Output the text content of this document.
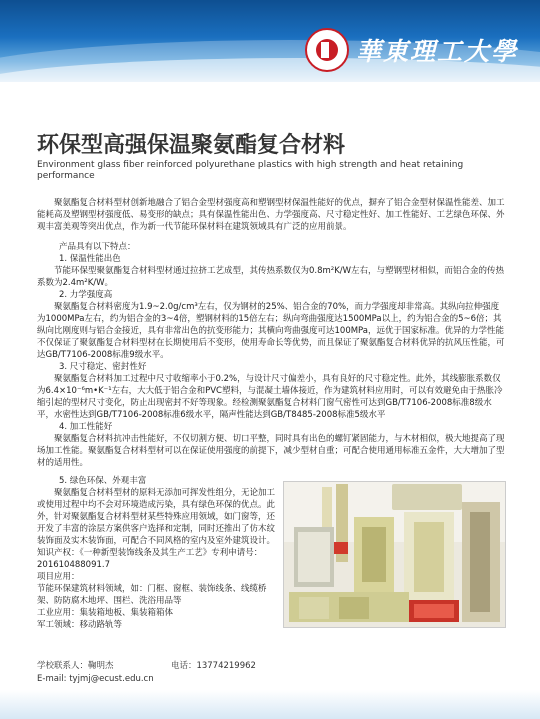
華東理工大學
环保型高强保温聚氨酯复合材料
Environment glass fiber reinforced polyurethane plastics with high strength and heat retaining performance

聚氨酯复合材料型材创新地融合了铝合金型材强度高和塑钢型材保温性能好的优点，摒弃了铝合金型材保温性能差、加工能耗高及塑钢型材强度低、易变形的缺点；具有保温性能出色、力学强度高、尺寸稳定性好、加工性能好、工艺绿色环保、外观丰富美观等突出优点，作为新一代节能环保材料在建筑领域具有广泛的应用前景。

产品具有以下特点：

1. 保温性能出色

节能环保型聚氨酯复合材料型材通过拉挤工艺成型，其传热系数仅为0.8m²K/W左右，与塑钢型材相似，而铝合金的传热系数为2.4m²K/W。

2. 力学强度高

聚氨酯复合材料密度为1.9~2.0g/cm³左右，仅为钢材的25%、铝合金的70%，而力学强度却非常高。其纵向拉伸强度为1000MPa左右，约为铝合金的3~4倍，塑钢材料的15倍左右；纵向弯曲强度达1500MPa以上，约为铝合金的5~6倍；其纵向比刚度则与铝合金接近，具有非常出色的抗变形能力；其横向弯曲强度可达100MPa，远优于国家标准。优异的力学性能不仅保证了聚氨酯复合材料型材在长期使用后不变形，使用寿命长等优势，而且保证了聚氨酯复合材料优异的抗风压性能，可达GB/T7106-2008标准9级水平。

3. 尺寸稳定、密封性好

聚氨酯复合材料加工过程中尺寸收缩率小于0.2%，与设计尺寸偏差小，具有良好的尺寸稳定性。此外，其线膨胀系数仅为6.4×10⁻⁶m•K⁻¹左右，大大低于铝合金和PVC塑料，与混凝土墙体接近，作为建筑材料应用时，可以有效避免由于热胀冷缩引起的型材尺寸变化，防止出现密封不好等现象。经检测聚氨酯复合材料门窗气密性可达到GB/T7106-2008标准8级水平，水密性达到GB/T7106-2008标准6级水平，隔声性能达到GB/T8485-2008标准5级水平

4. 加工性能好

聚氨酯复合材料抗冲击性能好，不仅切割方便、切口平整，同时具有出色的螺钉紧固能力，与木材相似，极大地提高了现场加工性能。聚氨酯复合材料型材可以在保证使用强度的前提下，减少型材自重；可配合使用通用标准五金件，大大增加了型材的适用性。

5. 绿色环保、外观丰富

聚氨酯复合材料型材的原料无添加可挥发性组分，无论加工或使用过程中均不会对环境造成污染，具有绿色环保的优点。此外，针对聚氨酯复合材料型材某些特殊应用领域，如门窗等，还开发了丰富的涂层方案供客户选择和定制，同时还推出了仿木纹装饰面及实木装饰面，可配合不同风格的室内及室外建筑设计。

知识产权：《一种新型装饰线条及其生产工艺》专利申请号：201610488091.7

项目应用：

节能环保建筑材料领域，如：门框、窗框、装饰线条、线缆桥架、防防腐木地坪、围栏、洗浴用品等

工业应用：集装箱地板、集装箱箱体

军工领域：移动路轨等

学校联系人：鞠明杰	电话：13774219962
E-mail: tyjmj@ecust.edu.cn
